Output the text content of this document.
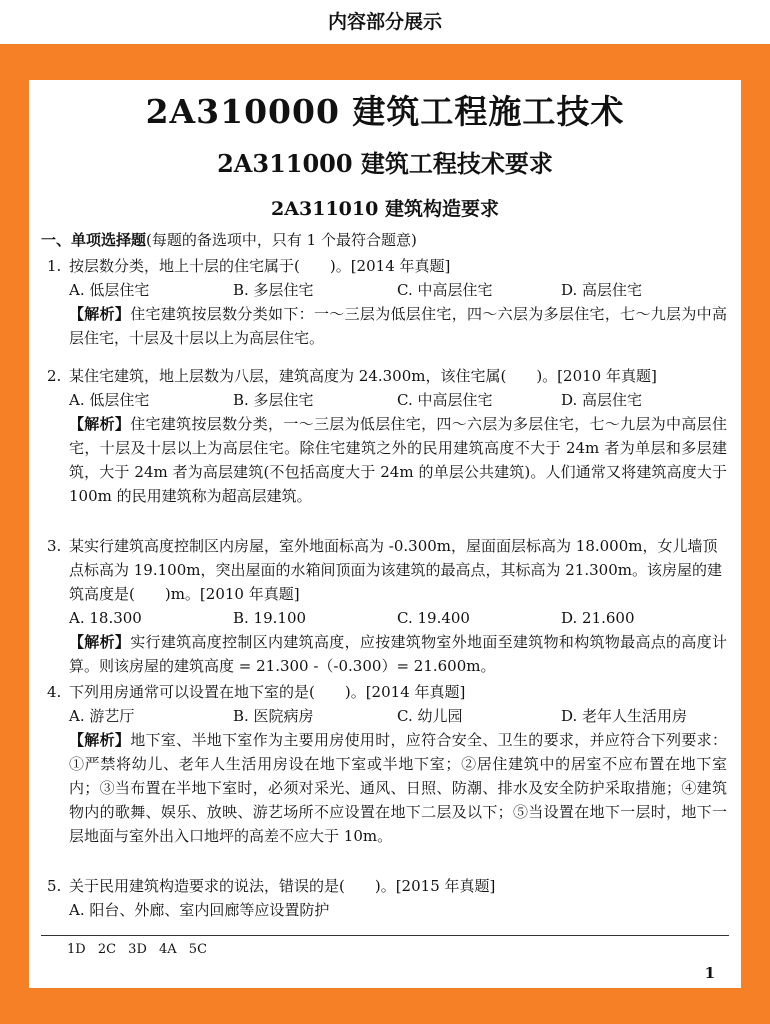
内容部分展示
2A310000 建筑工程施工技术
2A311000 建筑工程技术要求
2A311010 建筑构造要求
一、单项选择题(每题的备选项中，只有 1 个最符合题意)
1. 按层数分类，地上十层的住宅属于(　　)。[2014 年真题]
A. 低层住宅	B. 多层住宅	C. 中高层住宅	D. 高层住宅
【解析】住宅建筑按层数分类如下：一～三层为低层住宅，四～六层为多层住宅，七～九层为中高层住宅，十层及十层以上为高层住宅。
2. 某住宅建筑，地上层数为八层，建筑高度为 24.300m，该住宅属(　　)。[2010 年真题]
A. 低层住宅	B. 多层住宅	C. 中高层住宅	D. 高层住宅
【解析】住宅建筑按层数分类，一～三层为低层住宅，四～六层为多层住宅，七～九层为中高层住宅，十层及十层以上为高层住宅。除住宅建筑之外的民用建筑高度不大于 24m 者为单层和多层建筑，大于 24m 者为高层建筑(不包括高度大于 24m 的单层公共建筑)。人们通常又将建筑高度大于 100m 的民用建筑称为超高层建筑。
3. 某实行建筑高度控制区内房屋，室外地面标高为 -0.300m，屋面面层标高为 18.000m，女儿墙顶点标高为 19.100m，突出屋面的水箱间顶面为该建筑的最高点，其标高为 21.300m。该房屋的建筑高度是(　　)m。[2010 年真题]
A. 18.300	B. 19.100	C. 19.400	D. 21.600
【解析】实行建筑高度控制区内建筑高度，应按建筑物室外地面至建筑物和构筑物最高点的高度计算。则该房屋的建筑高度 = 21.300 -（-0.300）= 21.600m。
4. 下列用房通常可以设置在地下室的是(　　)。[2014 年真题]
A. 游艺厅	B. 医院病房	C. 幼儿园	D. 老年人生活用房
【解析】地下室、半地下室作为主要用房使用时，应符合安全、卫生的要求，并应符合下列要求：①严禁将幼儿、老年人生活用房设在地下室或半地下室；②居住建筑中的居室不应布置在地下室内；③当布置在半地下室时，必须对采光、通风、日照、防潮、排水及安全防护采取措施；④建筑物内的歌舞、娱乐、放映、游艺场所不应设置在地下二层及以下；⑤当设置在地下一层时，地下一层地面与室外出入口地坪的高差不应大于 10m。
5. 关于民用建筑构造要求的说法，错误的是(　　)。[2015 年真题]
A. 阳台、外廊、室内回廊等应设置防护
1D 2C 3D 4A 5C
1
